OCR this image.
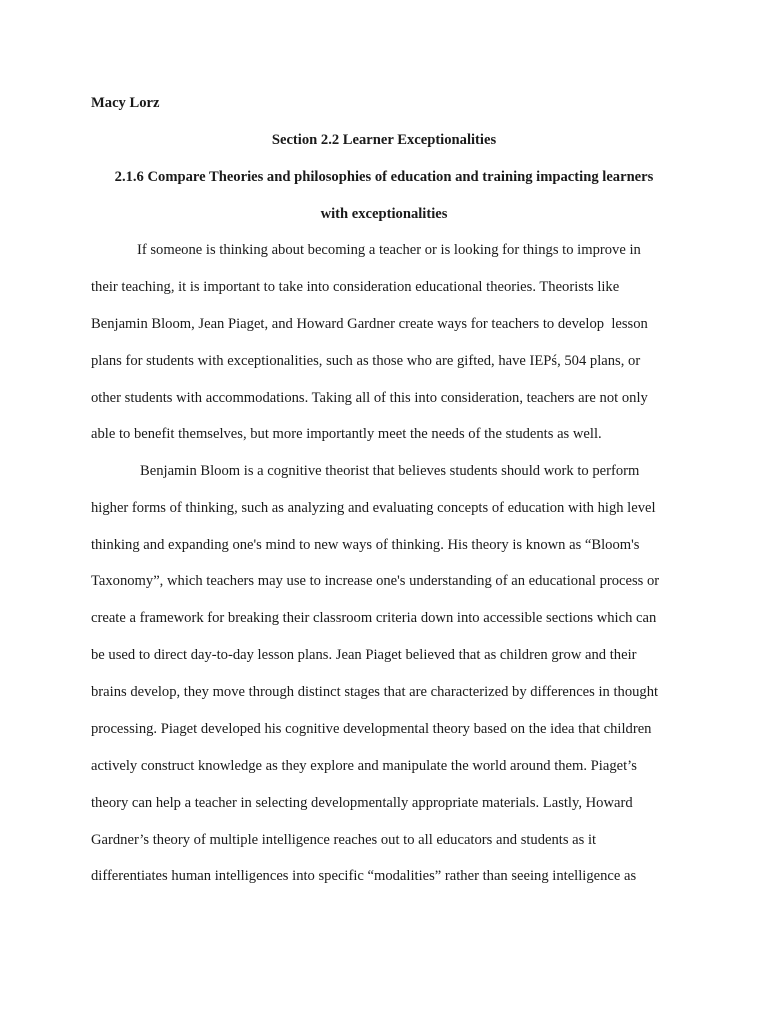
Macy Lorz

Section 2.2 Learner Exceptionalities

2.1.6 Compare Theories and philosophies of education and training impacting learners

with exceptionalities

If someone is thinking about becoming a teacher or is looking for things to improve in

their teaching, it is important to take into consideration educational theories. Theorists like

Benjamin Bloom, Jean Piaget, and Howard Gardner create ways for teachers to develop  lesson

plans for students with exceptionalities, such as those who are gifted, have IEPś, 504 plans, or

other students with accommodations. Taking all of this into consideration, teachers are not only

able to benefit themselves, but more importantly meet the needs of the students as well.

Benjamin Bloom is a cognitive theorist that believes students should work to perform

higher forms of thinking, such as analyzing and evaluating concepts of education with high level

thinking and expanding one's mind to new ways of thinking. His theory is known as “Bloom's

Taxonomy”, which teachers may use to increase one's understanding of an educational process or

create a framework for breaking their classroom criteria down into accessible sections which can

be used to direct day-to-day lesson plans. Jean Piaget believed that as children grow and their

brains develop, they move through distinct stages that are characterized by differences in thought

processing. Piaget developed his cognitive developmental theory based on the idea that children

actively construct knowledge as they explore and manipulate the world around them. Piaget’s

theory can help a teacher in selecting developmentally appropriate materials. Lastly, Howard

Gardner’s theory of multiple intelligence reaches out to all educators and students as it

differentiates human intelligences into specific “modalities” rather than seeing intelligence as
